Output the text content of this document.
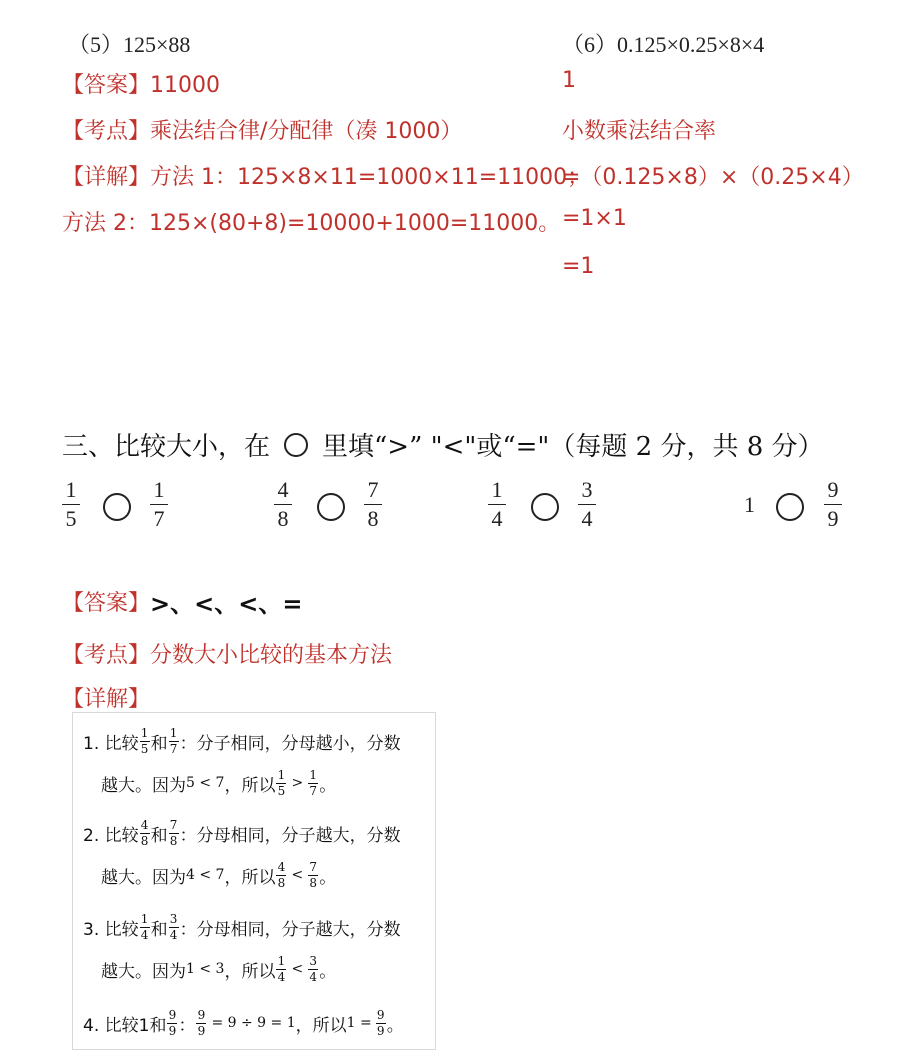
（5）125×88
【答案】11000
【考点】乘法结合律/分配律（凑 1000）
【详解】方法 1：125×8×11=1000×11=11000；
方法 2：125×(80+8)=10000+1000=11000。
（6）0.125×0.25×8×4
1
小数乘法结合率
=（0.125×8）×（0.25×4）
=1×1
=1
三、比较大小，在 里填“>” "<"或“="（每题 2 分，共 8 分）
1
5
1
7
4
8
7
8
1
4
3
4
1
9
9
【答案】 >、<、<、=
【考点】分数大小比较的基本方法
【详解】
1. 比较
1
5 和
1
7 ：分子相同，分母越小，分数
越大。因为 5 < 7 ，所以
1
5 >
1
7 。
2. 比较
4
8 和
7
8 ：分母相同，分子越大，分数
越大。因为 4 < 7 ，所以
4
8 <
7
8 。
3. 比较
1
4 和
3
4 ：分母相同，分子越大，分数
越大。因为 1 < 3 ，所以
1
4 <
3
4 。
4. 比较1和
9
9 ：
9
9 = 9 ÷ 9 = 1 ，所以 1 =
9
9 。
